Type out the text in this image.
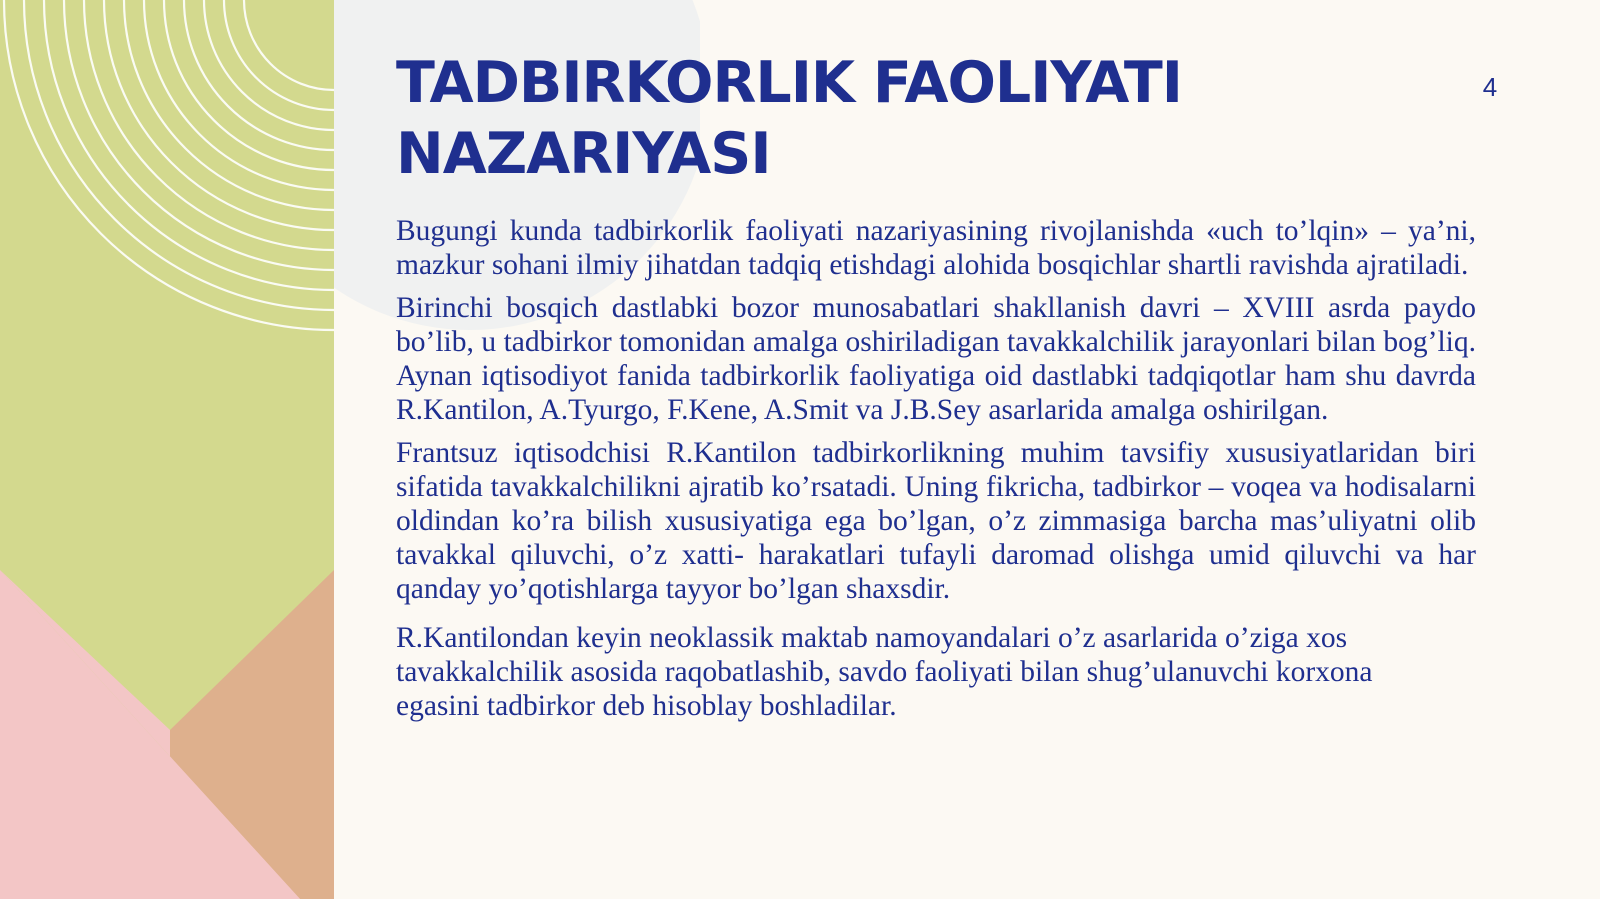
TADBIRKORLIK FAOLIYATI NAZARIYASI
4

Bugungi kunda tadbirkorlik faoliyati nazariyasining rivojlanishda «uch to’lqin» – ya’ni, mazkur sohani ilmiy jihatdan tadqiq etishdagi alohida bosqichlar shartli ravishda ajratiladi.

Birinchi bosqich dastlabki bozor munosabatlari shakllanish davri – XVIII asrda paydo bo’lib, u tadbirkor tomonidan amalga oshiriladigan tavakkalchilik jarayonlari bilan bog’liq. Aynan iqtisodiyot fanida tadbirkorlik faoliyatiga oid dastlabki tadqiqotlar ham shu davrda R.Kantilon, A.Tyurgo, F.Kene, A.Smit va J.B.Sey asarlarida amalga oshirilgan.

Frantsuz iqtisodchisi R.Kantilon tadbirkorlikning muhim tavsifiy xususiyatlaridan biri sifatida tavakkalchilikni ajratib ko’rsatadi. Uning fikricha, tadbirkor – voqea va hodisalarni oldindan ko’ra bilish xususiyatiga ega bo’lgan, o’z zimmasiga barcha mas’uliyatni olib tavakkal qiluvchi, o’z xatti- harakatlari tufayli daromad olishga umid qiluvchi va har qanday yo’qotishlarga tayyor bo’lgan shaxsdir.

R.Kantilondan keyin neoklassik maktab namoyandalari o’z asarlarida o’ziga xos tavakkalchilik asosida raqobatlashib, savdo faoliyati bilan shug’ulanuvchi korxona egasini tadbirkor deb hisoblay boshladilar.
